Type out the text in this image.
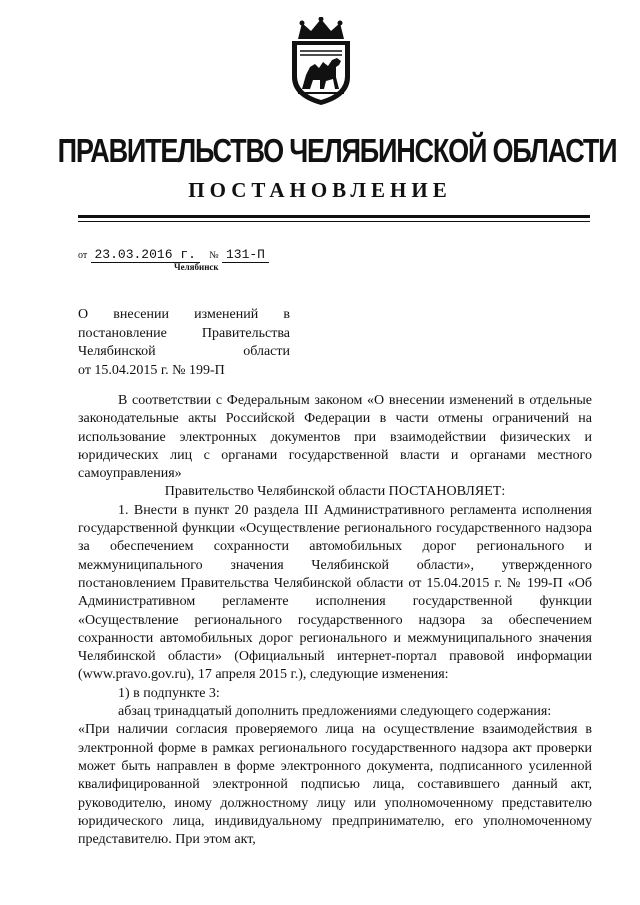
ПРАВИТЕЛЬСТВО ЧЕЛЯБИНСКОЙ ОБЛАСТИ
ПОСТАНОВЛЕНИЕ
от 23.03.2016 г. № 131-П
Челябинск
О внесении изменений в
постановление Правительства
Челябинской области
от 15.04.2015 г. № 199-П

В соответствии с Федеральным законом «О внесении изменений в отдельные законодательные акты Российской Федерации в части отмены ограничений на использование электронных документов при взаимодействии физических и юридических лиц с органами государственной власти и органами местного самоуправления»

Правительство Челябинской области ПОСТАНОВЛЯЕТ:

1. Внести в пункт 20 раздела III Административного регламента исполнения государственной функции «Осуществление регионального государственного надзора за обеспечением сохранности автомобильных дорог регионального и межмуниципального значения Челябинской области», утвержденного постановлением Правительства Челябинской области от 15.04.2015 г. № 199-П «Об Административном регламенте исполнения государственной функции «Осуществление регионального государственного надзора за обеспечением сохранности автомобильных дорог регионального и межмуниципального значения Челябинской области» (Официальный интернет-портал правовой информации (www.pravo.gov.ru), 17 апреля 2015 г.), следующие изменения:

1) в подпункте 3:

абзац тринадцатый дополнить предложениями следующего содержания:

«При наличии согласия проверяемого лица на осуществление взаимодействия в электронной форме в рамках регионального государственного надзора акт проверки может быть направлен в форме электронного документа, подписанного усиленной квалифицированной электронной подписью лица, составившего данный акт, руководителю, иному должностному лицу или уполномоченному представителю юридического лица, индивидуальному предпринимателю, его уполномоченному представителю. При этом акт,
